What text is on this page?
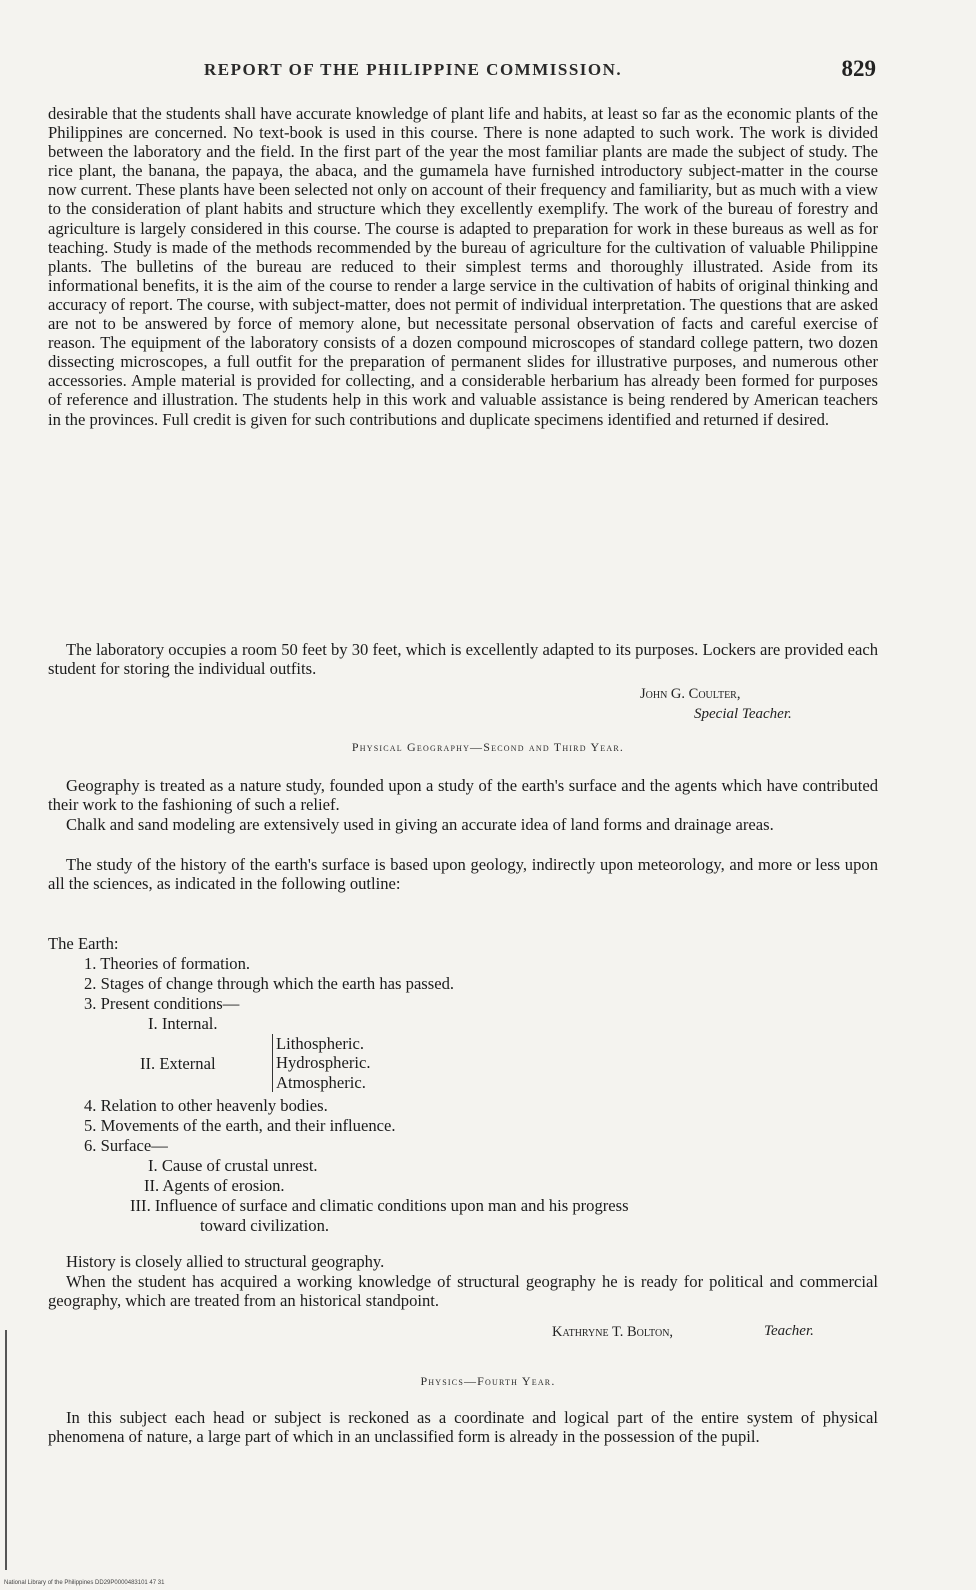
REPORT OF THE PHILIPPINE COMMISSION.	829

desirable that the students shall have accurate knowledge of plant life and habits, at least so far as the economic plants of the Philippines are concerned. No text-book is used in this course. There is none adapted to such work. The work is divided between the laboratory and the field. In the first part of the year the most familiar plants are made the subject of study. The rice plant, the banana, the papaya, the abaca, and the gumamela have furnished introductory subject-matter in the course now current. These plants have been selected not only on account of their frequency and familiarity, but as much with a view to the consideration of plant habits and structure which they excellently exemplify. The work of the bureau of forestry and agriculture is largely considered in this course. The course is adapted to preparation for work in these bureaus as well as for teaching. Study is made of the methods recommended by the bureau of agriculture for the cultivation of valuable Philippine plants. The bulletins of the bureau are reduced to their simplest terms and thoroughly illustrated. Aside from its informational benefits, it is the aim of the course to render a large service in the cultivation of habits of original thinking and accuracy of report. The course, with subject-matter, does not permit of individual interpretation. The questions that are asked are not to be answered by force of memory alone, but necessitate personal observation of facts and careful exercise of reason. The equipment of the laboratory consists of a dozen compound microscopes of standard college pattern, two dozen dissecting microscopes, a full outfit for the preparation of permanent slides for illustrative purposes, and numerous other accessories. Ample material is provided for collecting, and a considerable herbarium has already been formed for purposes of reference and illustration. The students help in this work and valuable assistance is being rendered by American teachers in the provinces. Full credit is given for such contributions and duplicate specimens identified and returned if desired.

The laboratory occupies a room 50 feet by 30 feet, which is excellently adapted to its purposes. Lockers are provided each student for storing the individual outfits.

John G. Coulter,
Special Teacher.
Physical Geography—Second and Third Year.

Geography is treated as a nature study, founded upon a study of the earth's surface and the agents which have contributed their work to the fashioning of such a relief.

Chalk and sand modeling are extensively used in giving an accurate idea of land forms and drainage areas.

The study of the history of the earth's surface is based upon geology, indirectly upon meteorology, and more or less upon all the sciences, as indicated in the following outline:

The Earth:
1. Theories of formation.
2. Stages of change through which the earth has passed.
3. Present conditions—
I. Internal.
II. External
Lithospheric.
Hydrospheric.
Atmospheric.
4. Relation to other heavenly bodies.
5. Movements of the earth, and their influence.
6. Surface—
I. Cause of crustal unrest.
II. Agents of erosion.
III. Influence of surface and climatic conditions upon man and his progress
toward civilization.

History is closely allied to structural geography.

When the student has acquired a working knowledge of structural geography he is ready for political and commercial geography, which are treated from an historical standpoint.

Kathryne T. Bolton,	Teacher.
Physics—Fourth Year.

In this subject each head or subject is reckoned as a coordinate and logical part of the entire system of physical phenomena of nature, a large part of which in an unclassified form is already in the possession of the pupil.

National Library of the Philippines DD29P0000483101 47 31
